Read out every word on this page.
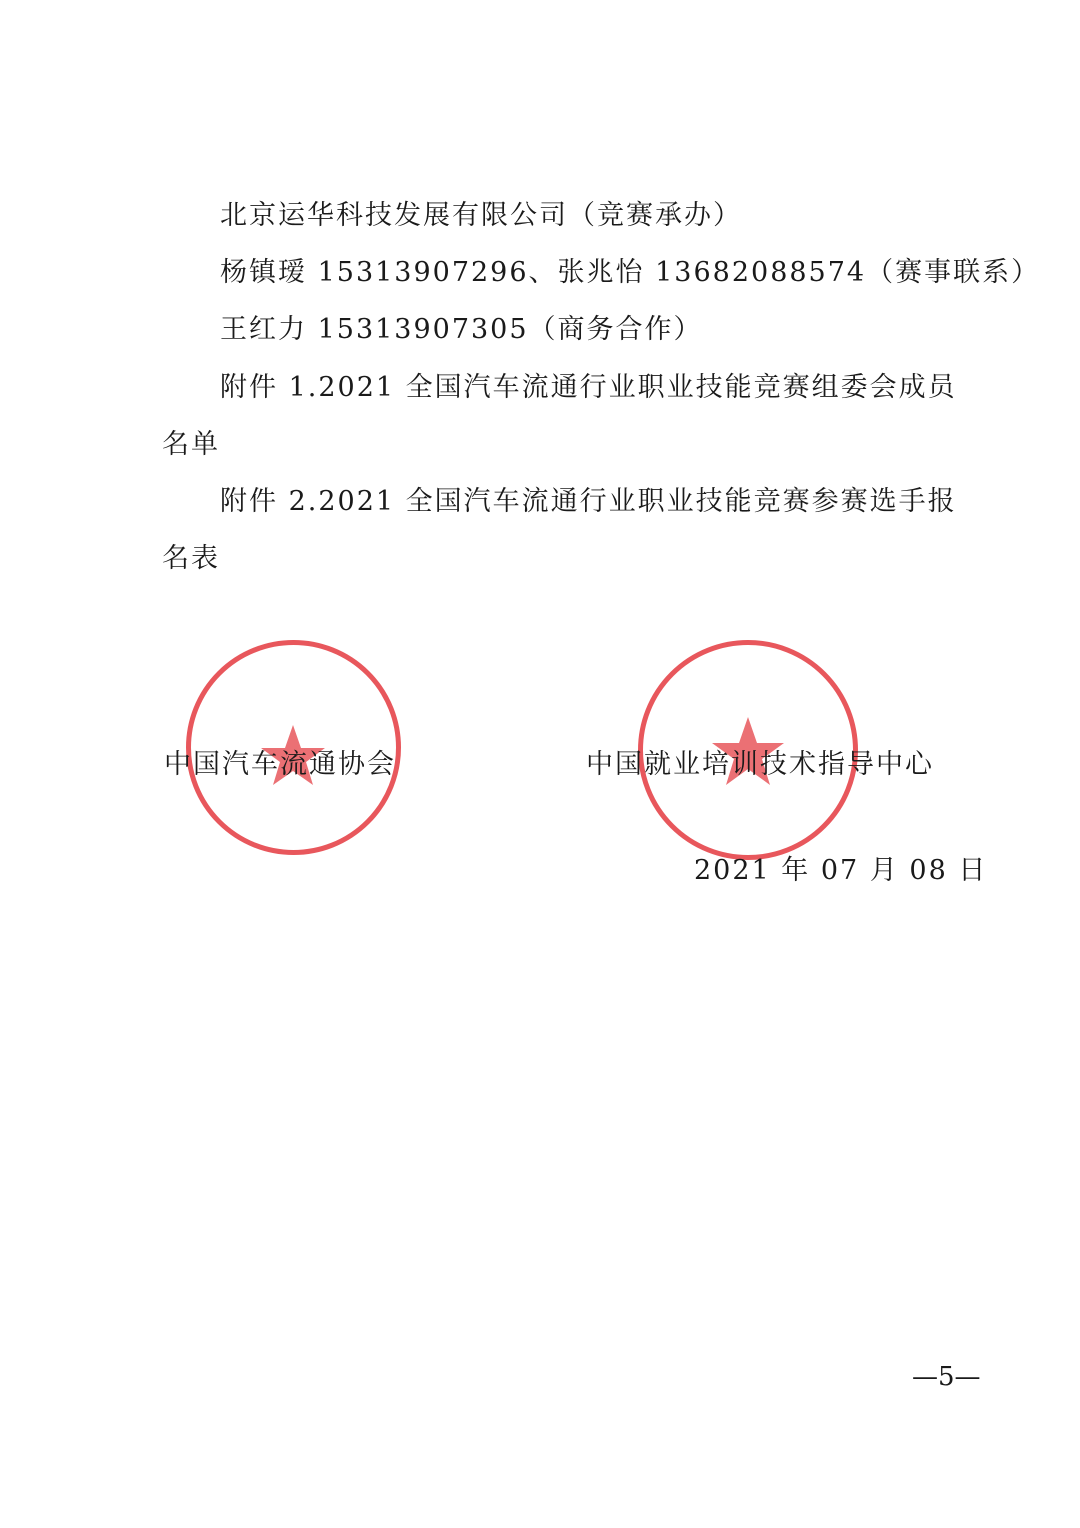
北京运华科技发展有限公司（竞赛承办）
杨镇瑷 15313907296、张兆怡 13682088574（赛事联系）
王红力 15313907305（商务合作）
附件 1.2021 全国汽车流通行业职业技能竞赛组委会成员
名单
附件 2.2021 全国汽车流通行业职业技能竞赛参赛选手报
名表
中国汽车流通协会	中国就业培训技术指导中心
2021 年 07 月 08 日
—5—
